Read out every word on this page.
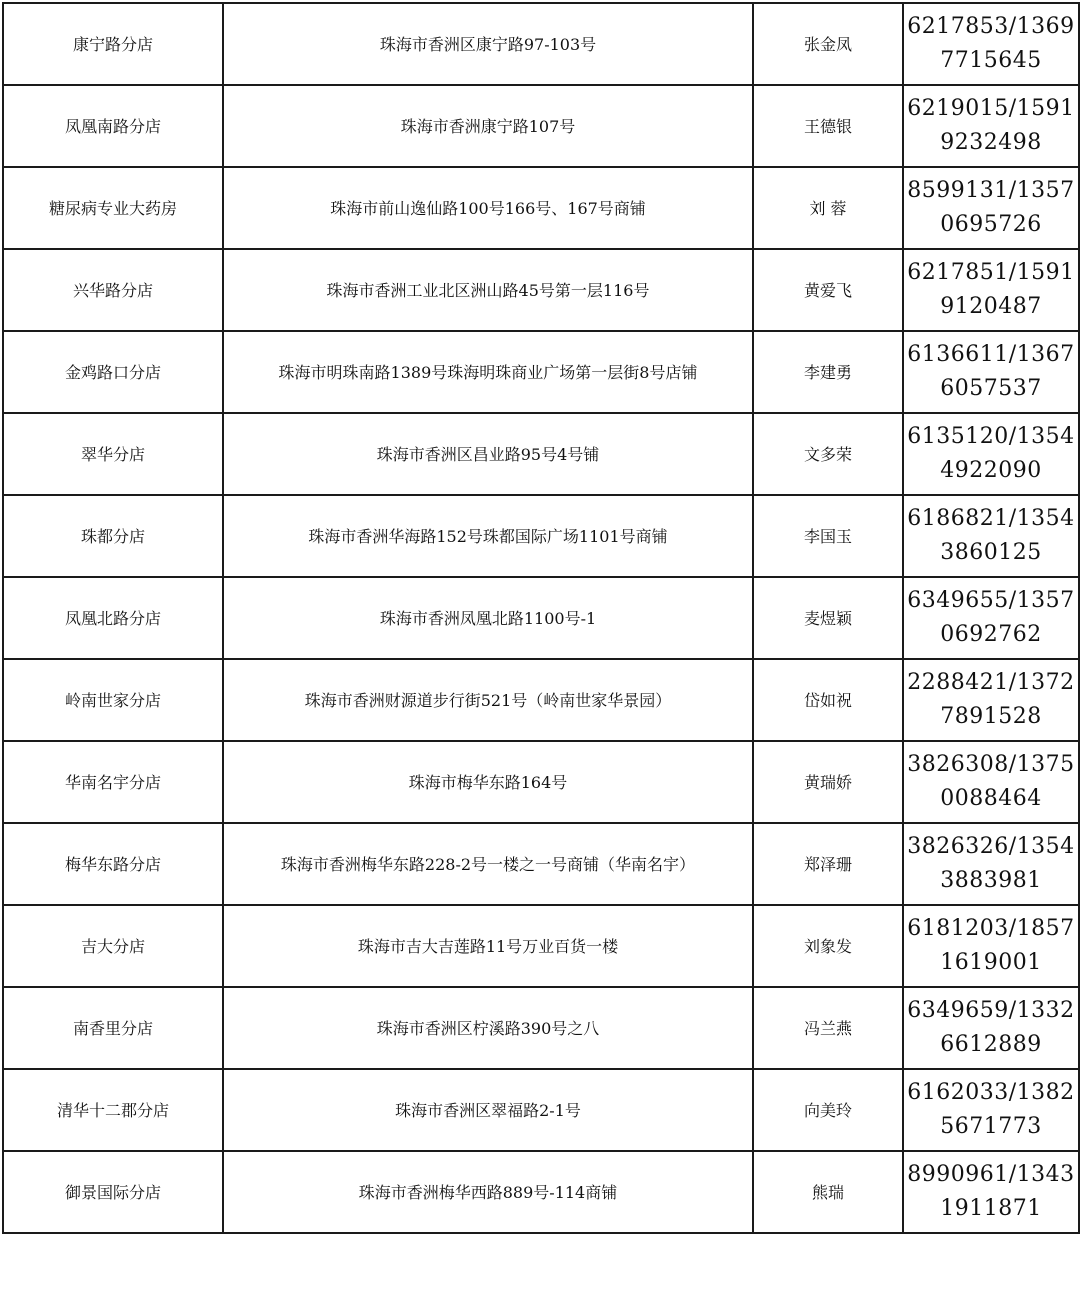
康宁路分店	珠海市香洲区康宁路97-103号	张金凤	6217853/1369
7715645

凤凰南路分店	珠海市香洲康宁路107号	王德银	6219015/1591
9232498

糖尿病专业大药房	珠海市前山逸仙路100号166号、167号商铺	刘 蓉	8599131/1357
0695726

兴华路分店	珠海市香洲工业北区洲山路45号第一层116号	黄爱飞	6217851/1591
9120487

金鸡路口分店	珠海市明珠南路1389号珠海明珠商业广场第一层街8号店铺	李建勇	6136611/1367
6057537

翠华分店	珠海市香洲区昌业路95号4号铺	文多荣	6135120/1354
4922090

珠都分店	珠海市香洲华海路152号珠都国际广场1101号商铺	李国玉	6186821/1354
3860125

凤凰北路分店	珠海市香洲凤凰北路1100号-1	麦煜颖	6349655/1357
0692762

岭南世家分店	珠海市香洲财源道步行街521号（岭南世家华景园）	岱如祝	2288421/1372
7891528

华南名宇分店	珠海市梅华东路164号	黄瑞娇	3826308/1375
0088464

梅华东路分店	珠海市香洲梅华东路228-2号一楼之一号商铺（华南名宇）	郑泽珊	3826326/1354
3883981

吉大分店	珠海市吉大吉莲路11号万业百货一楼	刘象发	6181203/1857
1619001

南香里分店	珠海市香洲区柠溪路390号之八	冯兰燕	6349659/1332
6612889

清华十二郡分店	珠海市香洲区翠福路2-1号	向美玲	6162033/1382
5671773

御景国际分店	珠海市香洲梅华西路889号-114商铺	熊瑞	8990961/1343
1911871
